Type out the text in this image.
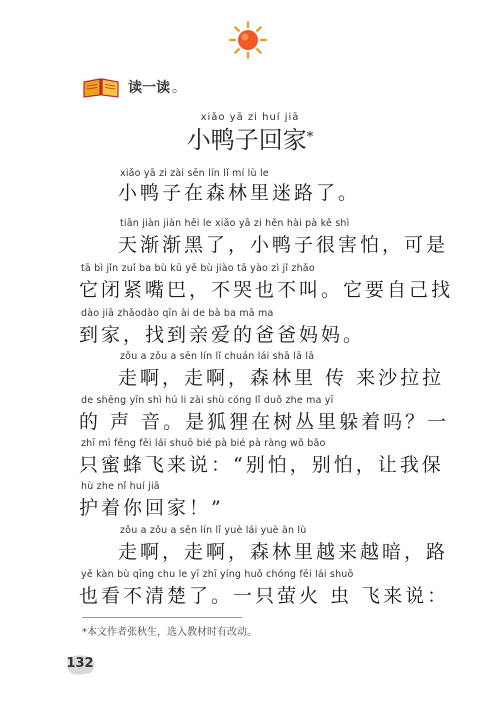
读一读 。
xiǎo yā zi huí jiā
小鸭子回家*
xiǎo yā zi zài sēn lín lǐ mí lù le
小鸭子在森林里迷路了。
tiān jiàn jiàn hēi le xiǎo yā zi hěn hài pà kě shì
天渐渐黑了，小鸭子很害怕，可是
tā bì jǐn zuǐ ba bù kū yě bù jiào tā yào zì jǐ zhǎo
它闭紧嘴巴，不哭也不叫。它要自己找
dào jiā zhǎodào qīn ài de bà ba mā ma
到家，找到亲爱的爸爸妈妈。
zǒu a zǒu a sēn lín lǐ chuán lái shā lā lā
走啊，走啊，森林里 传 来沙拉拉
de shēng yīn shì hú li zài shù cóng lǐ duǒ zhe ma yī
的 声 音。是狐狸在树丛里躲着吗？一
zhī mì fēng fēi lái shuō bié pà bié pà ràng wǒ bǎo
只蜜蜂飞来说：“别怕，别怕，让我保
hù zhe nǐ huí jiā
护着你回家！”
zǒu a zǒu a sēn lín lǐ yuè lái yuè àn lù
走啊，走啊，森林里越来越暗，路
yě kàn bù qīng chu le yī zhī yíng huǒ chóng fēi lái shuō
也看不清楚了。一只萤火 虫 飞来说：
*本文作者张秋生，选入教材时有改动。
132
